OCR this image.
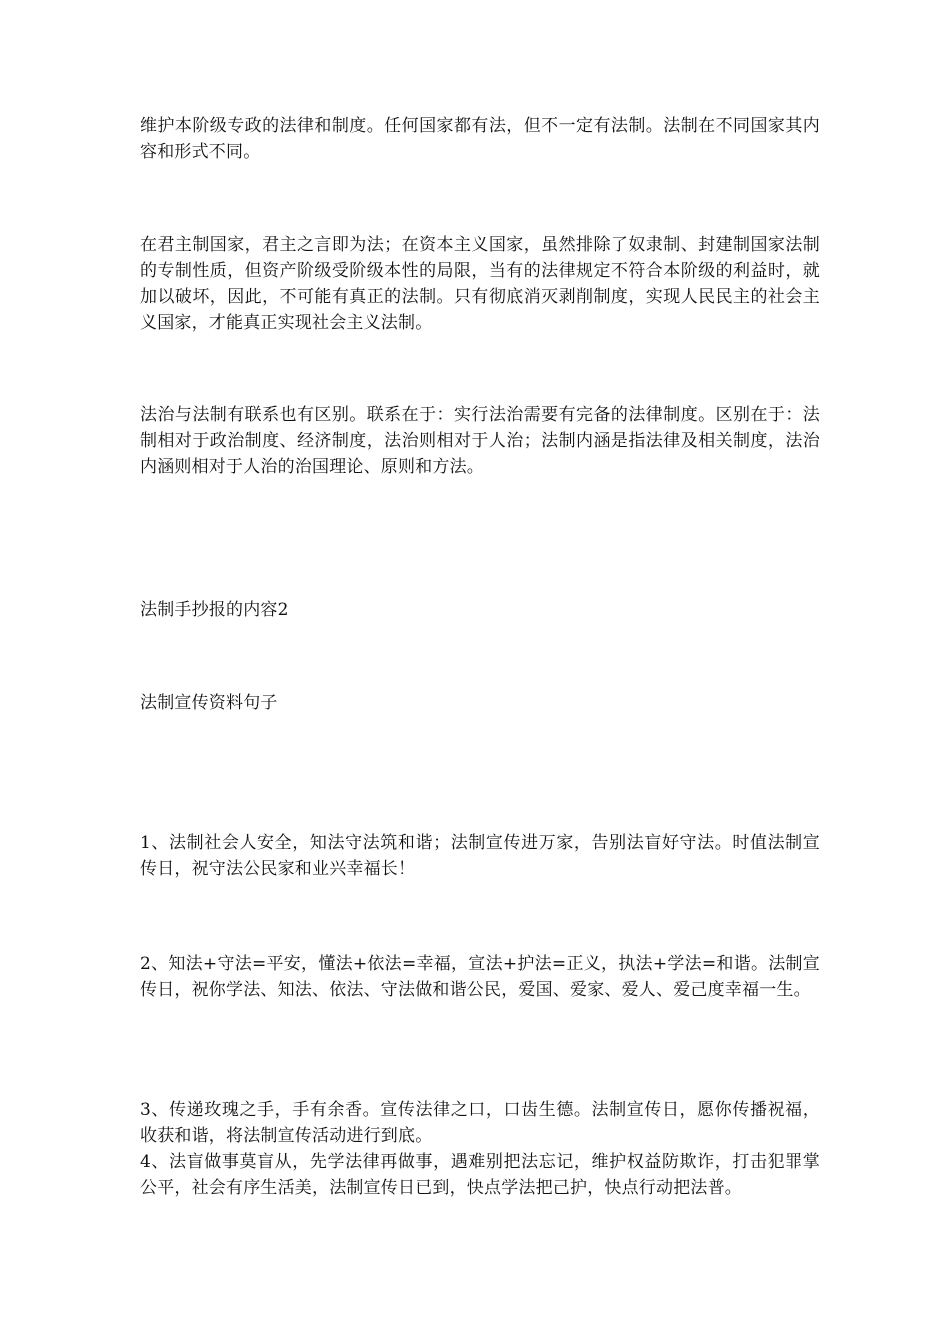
维护本阶级专政的法律和制度。任何国家都有法，但不一定有法制。法制在不同国家其内容和形式不同。

在君主制国家，君主之言即为法；在资本主义国家，虽然排除了奴隶制、封建制国家法制的专制性质，但资产阶级受阶级本性的局限，当有的法律规定不符合本阶级的利益时，就加以破坏，因此，不可能有真正的法制。只有彻底消灭剥削制度，实现人民民主的社会主义国家，才能真正实现社会主义法制。

法治与法制有联系也有区别。联系在于：实行法治需要有完备的法律制度。区别在于：法制相对于政治制度、经济制度，法治则相对于人治；法制内涵是指法律及相关制度，法治内涵则相对于人治的治国理论、原则和方法。

法制手抄报的内容2

法制宣传资料句子

1、法制社会人安全，知法守法筑和谐；法制宣传进万家，告别法盲好守法。时值法制宣传日，祝守法公民家和业兴幸福长！

2、知法+守法=平安，懂法+依法=幸福，宣法+护法=正义，执法+学法=和谐。法制宣传日，祝你学法、知法、依法、守法做和谐公民，爱国、爱家、爱人、爱己度幸福一生。

3、传递玫瑰之手，手有余香。宣传法律之口，口齿生德。法制宣传日，愿你传播祝福，收获和谐，将法制宣传活动进行到底。
4、法盲做事莫盲从，先学法律再做事，遇难别把法忘记，维护权益防欺诈，打击犯罪掌公平，社会有序生活美，法制宣传日已到，快点学法把己护，快点行动把法普。
